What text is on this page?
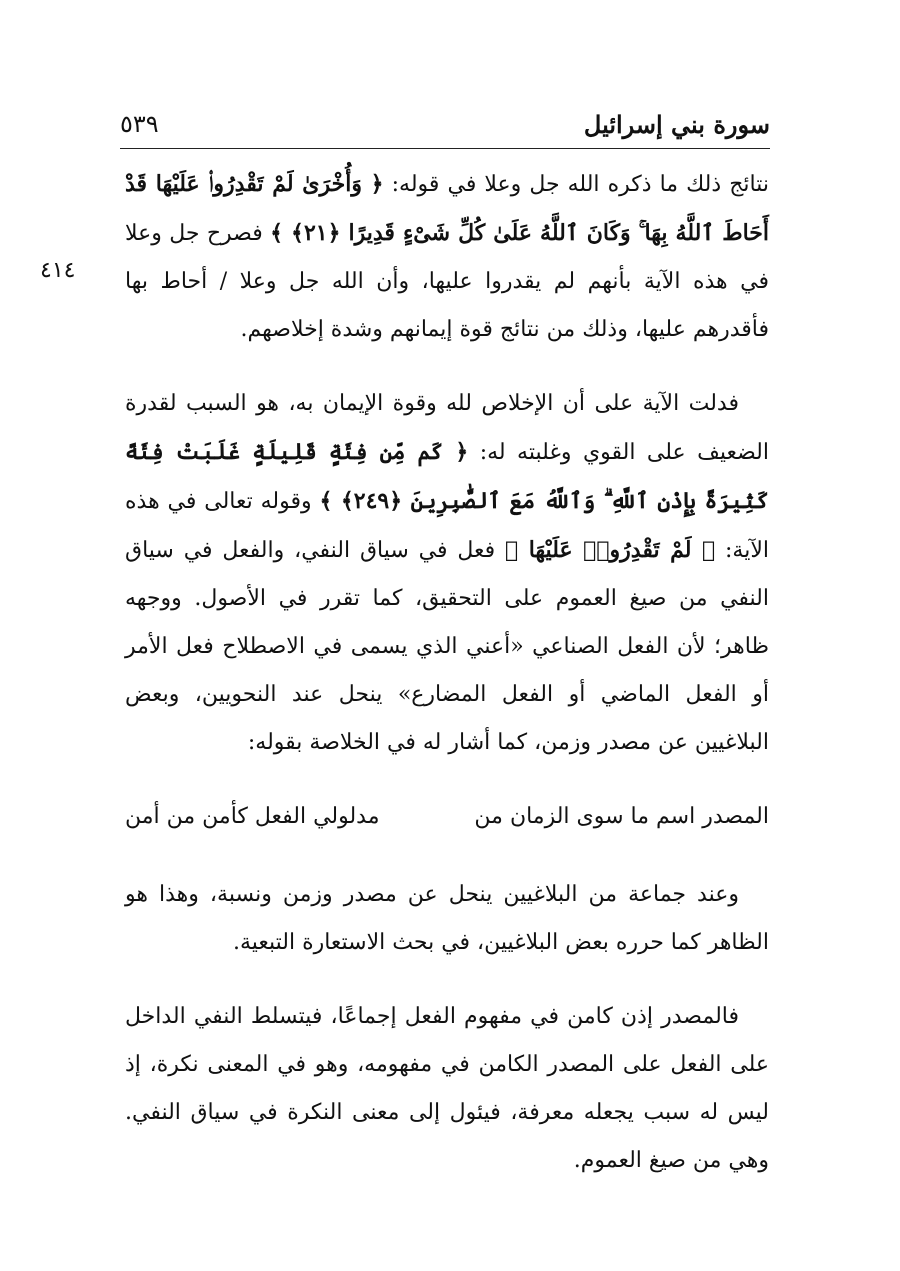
سورة بني إسرائيل
٥٣٩
٤١٤

نتائج ذلك ما ذكره الله جل وعلا في قوله: ﴿ وَأُخْرَىٰ لَمْ تَقْدِرُوا۟ عَلَيْهَا قَدْ أَحَاطَ ٱللَّهُ بِهَا ۚ وَكَانَ ٱللَّهُ عَلَىٰ كُلِّ شَىْءٍ قَدِيرًا ﴿٢١﴾ ﴾ فصرح جل وعلا في هذه الآية بأنهم لم يقدروا عليها، وأن الله جل وعلا / أحاط بها فأقدرهم عليها، وذلك من نتائج قوة إيمانهم وشدة إخلاصهم.

فدلت الآية على أن الإخلاص لله وقوة الإيمان به، هو السبب لقدرة الضعيف على القوي وغلبته له: ﴿ كَم مِّن فِئَةٍ قَلِيلَةٍ غَلَبَتْ فِئَةً كَثِيرَةً بِإِذْنِ ٱللَّهِ ۗ وَٱللَّهُ مَعَ ٱلصَّٰبِرِينَ ﴿٢٤٩﴾ ﴾ وقوله تعالى في هذه الآية: ﴿ لَمْ تَقْدِرُوا۟ عَلَيْهَا ﴾ فعل في سياق النفي، والفعل في سياق النفي من صيغ العموم على التحقيق، كما تقرر في الأصول. ووجهه ظاهر؛ لأن الفعل الصناعي «أعني الذي يسمى في الاصطلاح فعل الأمر أو الفعل الماضي أو الفعل المضارع» ينحل عند النحويين، وبعض البلاغيين عن مصدر وزمن، كما أشار له في الخلاصة بقوله:

المصدر اسم ما سوى الزمان من
مدلولي الفعل كأمن من أمن

وعند جماعة من البلاغيين ينحل عن مصدر وزمن ونسبة، وهذا هو الظاهر كما حرره بعض البلاغيين، في بحث الاستعارة التبعية.

فالمصدر إذن كامن في مفهوم الفعل إجماعًا، فيتسلط النفي الداخل على الفعل على المصدر الكامن في مفهومه، وهو في المعنى نكرة، إذ ليس له سبب يجعله معرفة، فيئول إلى معنى النكرة في سياق النفي. وهي من صيغ العموم.
